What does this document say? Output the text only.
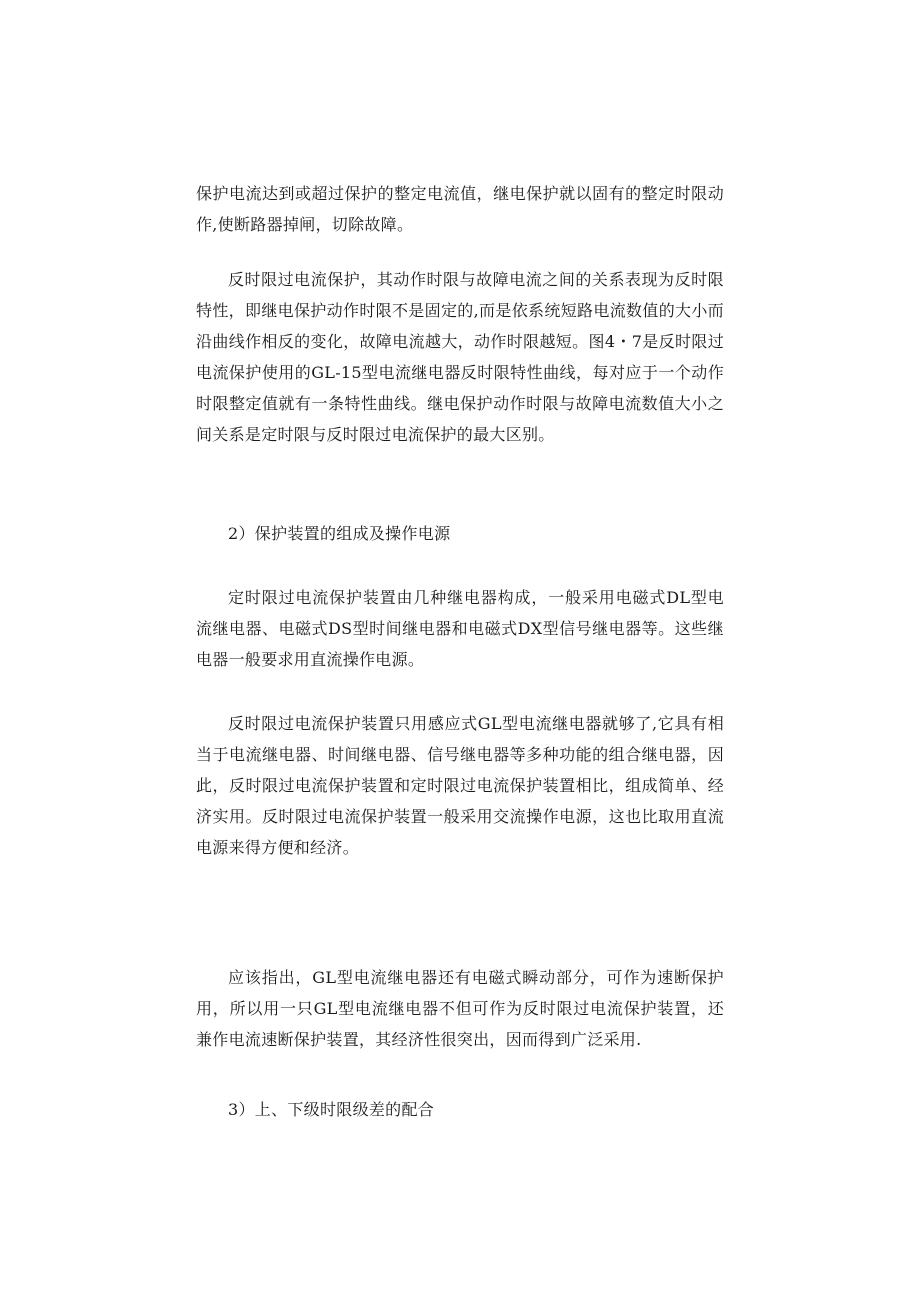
保护电流达到或超过保护的整定电流值，继电保护就以固有的整定时限动作,使断路器掉闸，切除故障。

反时限过电流保护，其动作时限与故障电流之间的关系表现为反时限特性，即继电保护动作时限不是固定的,而是依系统短路电流数值的大小而沿曲线作相反的变化，故障电流越大，动作时限越短。图4・7是反时限过电流保护使用的GL-15型电流继电器反时限特性曲线，每对应于一个动作时限整定值就有一条特性曲线。继电保护动作时限与故障电流数值大小之间关系是定时限与反时限过电流保护的最大区别。

2）保护装置的组成及操作电源

定时限过电流保护装置由几种继电器构成，一般采用电磁式DL型电流继电器、电磁式DS型时间继电器和电磁式DX型信号继电器等。这些继电器一般要求用直流操作电源。

反时限过电流保护装置只用感应式GL型电流继电器就够了,它具有相当于电流继电器、时间继电器、信号继电器等多种功能的组合继电器，因此，反时限过电流保护装置和定时限过电流保护装置相比，组成简单、经济实用。反时限过电流保护装置一般采用交流操作电源，这也比取用直流电源来得方便和经济。

应该指出，GL型电流继电器还有电磁式瞬动部分，可作为速断保护用，所以用一只GL型电流继电器不但可作为反时限过电流保护装置，还兼作电流速断保护装置，其经济性很突出，因而得到广泛采用.

3）上、下级时限级差的配合
